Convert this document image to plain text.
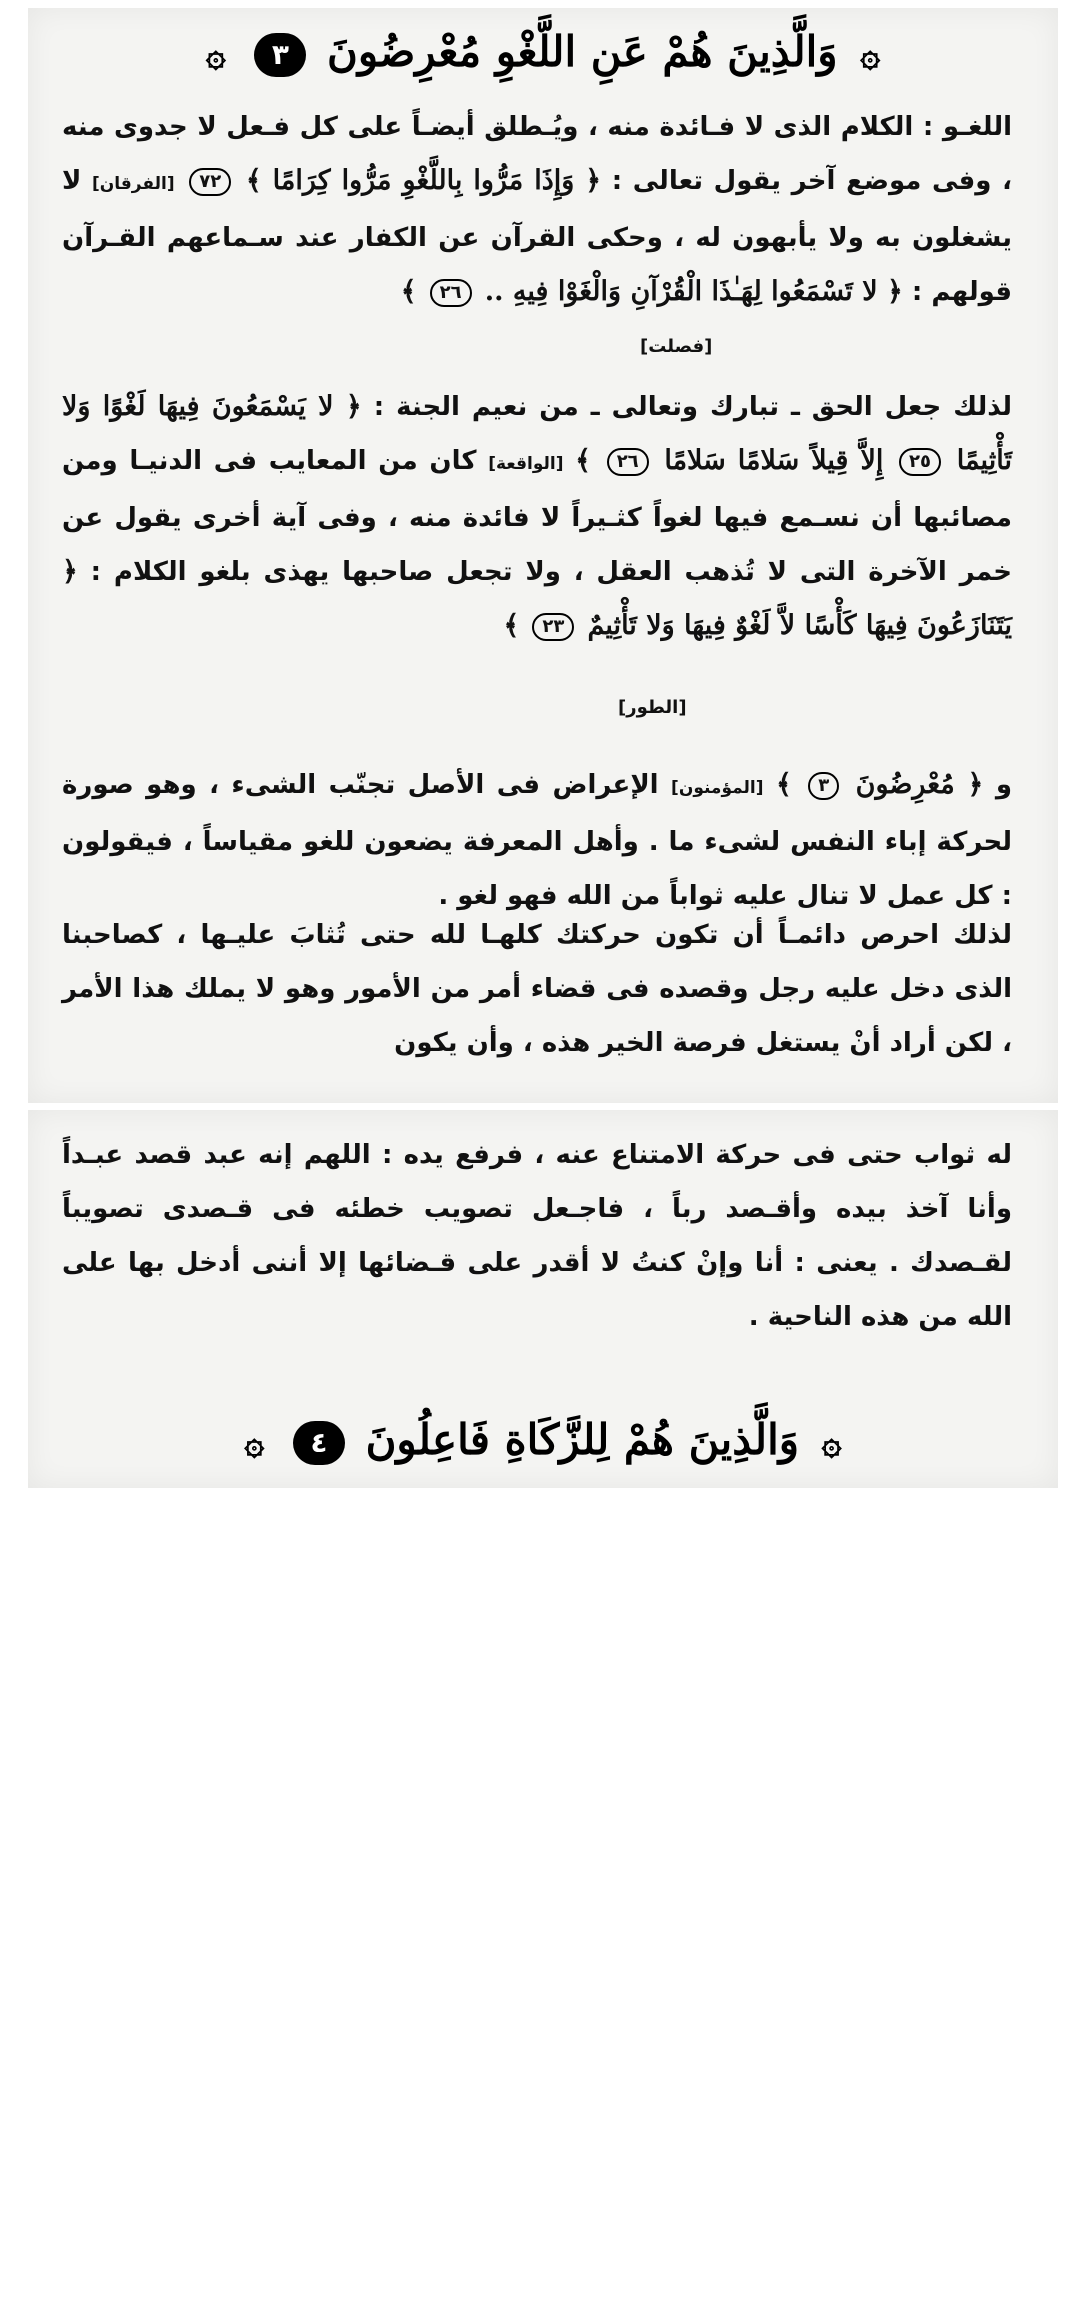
۞ وَالَّذِينَ هُمْ عَنِ اللَّغْوِ مُعْرِضُونَ ٣ ۞

اللغـو : الكلام الذى لا فـائدة منه ، ويُـطلق أيضـاً على كل فـعل لا جدوى منه ، وفى موضع آخر يقول تعالى : ﴿ وَإِذَا مَرُّوا بِاللَّغْوِ مَرُّوا كِرَامًا ﴾ ٧٢ [الفرقان] لا يشغلون به ولا يأبهون له ، وحكى القرآن عن الكفار عند سـماعهم القـرآن قولهم : ﴿ لا تَسْمَعُوا لِهَـٰذَا الْقُرْآنِ وَالْغَوْا فِيهِ .. ٢٦ ﴾

[فصلت]

لذلك جعل الحق ـ تبارك وتعالى ـ من نعيم الجنة : ﴿ لا يَسْمَعُونَ فِيهَا لَغْوًا وَلا تَأْثِيمًا ٢٥ إِلاَّ قِيلاً سَلامًا سَلامًا ٢٦ ﴾ [الواقعة] كان من المعايب فى الدنيـا ومن مصائبها أن نسـمع فيها لغواً كثـيراً لا فائدة منه ، وفى آية أخرى يقول عن خمر الآخرة التى لا تُذهب العقل ، ولا تجعل صاحبها يهذى بلغو الكلام : ﴿ يَتَنَازَعُونَ فِيهَا كَأْسًا لاَّ لَغْوٌ فِيهَا وَلا تَأْثِيمٌ ٢٣ ﴾

[الطور]

و ﴿ مُعْرِضُونَ ٣ ﴾ [المؤمنون] الإعراض فى الأصل تجنّب الشىء ، وهو صورة لحركة إباء النفس لشىء ما . وأهل المعرفة يضعون للغو مقياساً ، فيقولون : كل عمل لا تنال عليه ثواباً من الله فهو لغو .

لذلك احرص دائمـاً أن تكون حركتك كلهـا لله حتى تُثابَ عليـها ، كصاحبنا الذى دخل عليه رجل وقصده فى قضاء أمر من الأمور وهو لا يملك هذا الأمر ، لكن أراد أنْ يستغل فرصة الخير هذه ، وأن يكون

له ثواب حتى فى حركة الامتناع عنه ، فرفع يده : اللهم إنه عبد قصد عبـداً وأنا آخذ بيده وأقـصد رباً ، فاجـعل تصويب خطئه فى قـصدى تصويباً لقـصدك . يعنى : أنا وإنْ كنتُ لا أقدر على قـضائها إلا أننى أدخل بها على الله من هذه الناحية .

۞ وَالَّذِينَ هُمْ لِلزَّكَاةِ فَاعِلُونَ ٤ ۞
